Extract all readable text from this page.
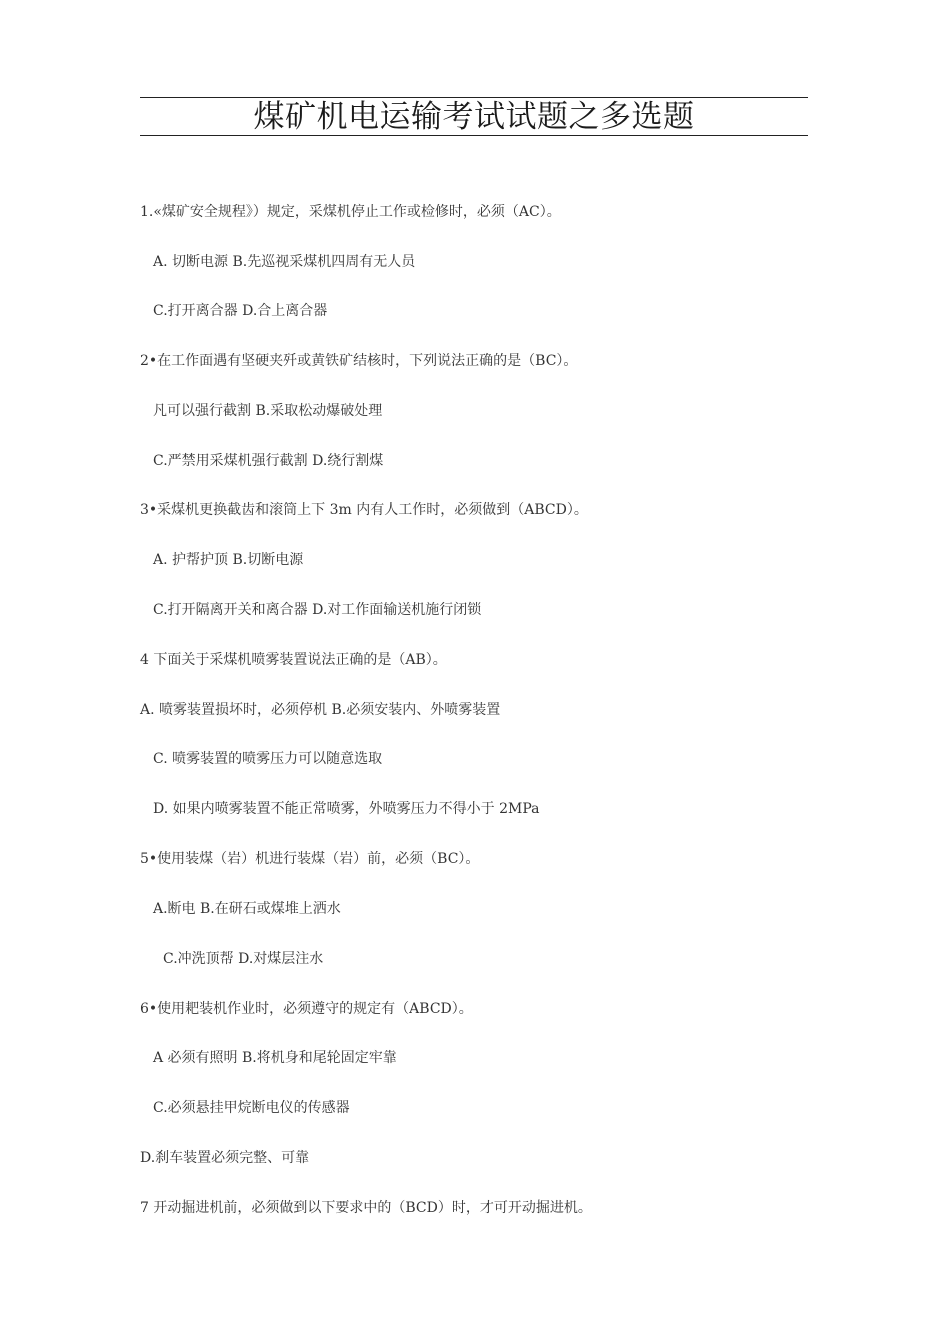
煤矿机电运输考试试题之多选题
1.«煤矿安全规程》）规定，采煤机停止工作或检修时，必须（AC）。
A. 切断电源 B.先巡视采煤机四周有无人员
C.打开离合器 D.合上离合器
2•在工作面遇有坚硬夹歼或黄铁矿结核时，下列说法正确的是（BC）。
凡可以强行截割 B.采取松动爆破处理
C.严禁用采煤机强行截割 D.绕行割煤
3•采煤机更换截齿和滚筒上下 3m 内有人工作时，必须做到（ABCD）。
A. 护帮护顶 B.切断电源
C.打开隔离开关和离合器 D.对工作面输送机施行闭锁
4 下面关于采煤机喷雾装置说法正确的是（AB）。
A. 喷雾装置损坏时，必须停机 B.必须安装内、外喷雾装置
C. 喷雾装置的喷雾压力可以随意选取
D. 如果内喷雾装置不能正常喷雾，外喷雾压力不得小于 2MPa
5•使用装煤（岩）机进行装煤（岩）前，必须（BC）。
A.断电 B.在研石或煤堆上洒水
C.冲洗顶帮 D.对煤层注水
6•使用耙装机作业时，必须遵守的规定有（ABCD）。
A 必须有照明 B.将机身和尾轮固定牢靠
C.必须悬挂甲烷断电仪的传感器
D.刹车装置必须完整、可靠
7 开动掘进机前，必须做到以下要求中的（BCD）时，才可开动掘进机。
